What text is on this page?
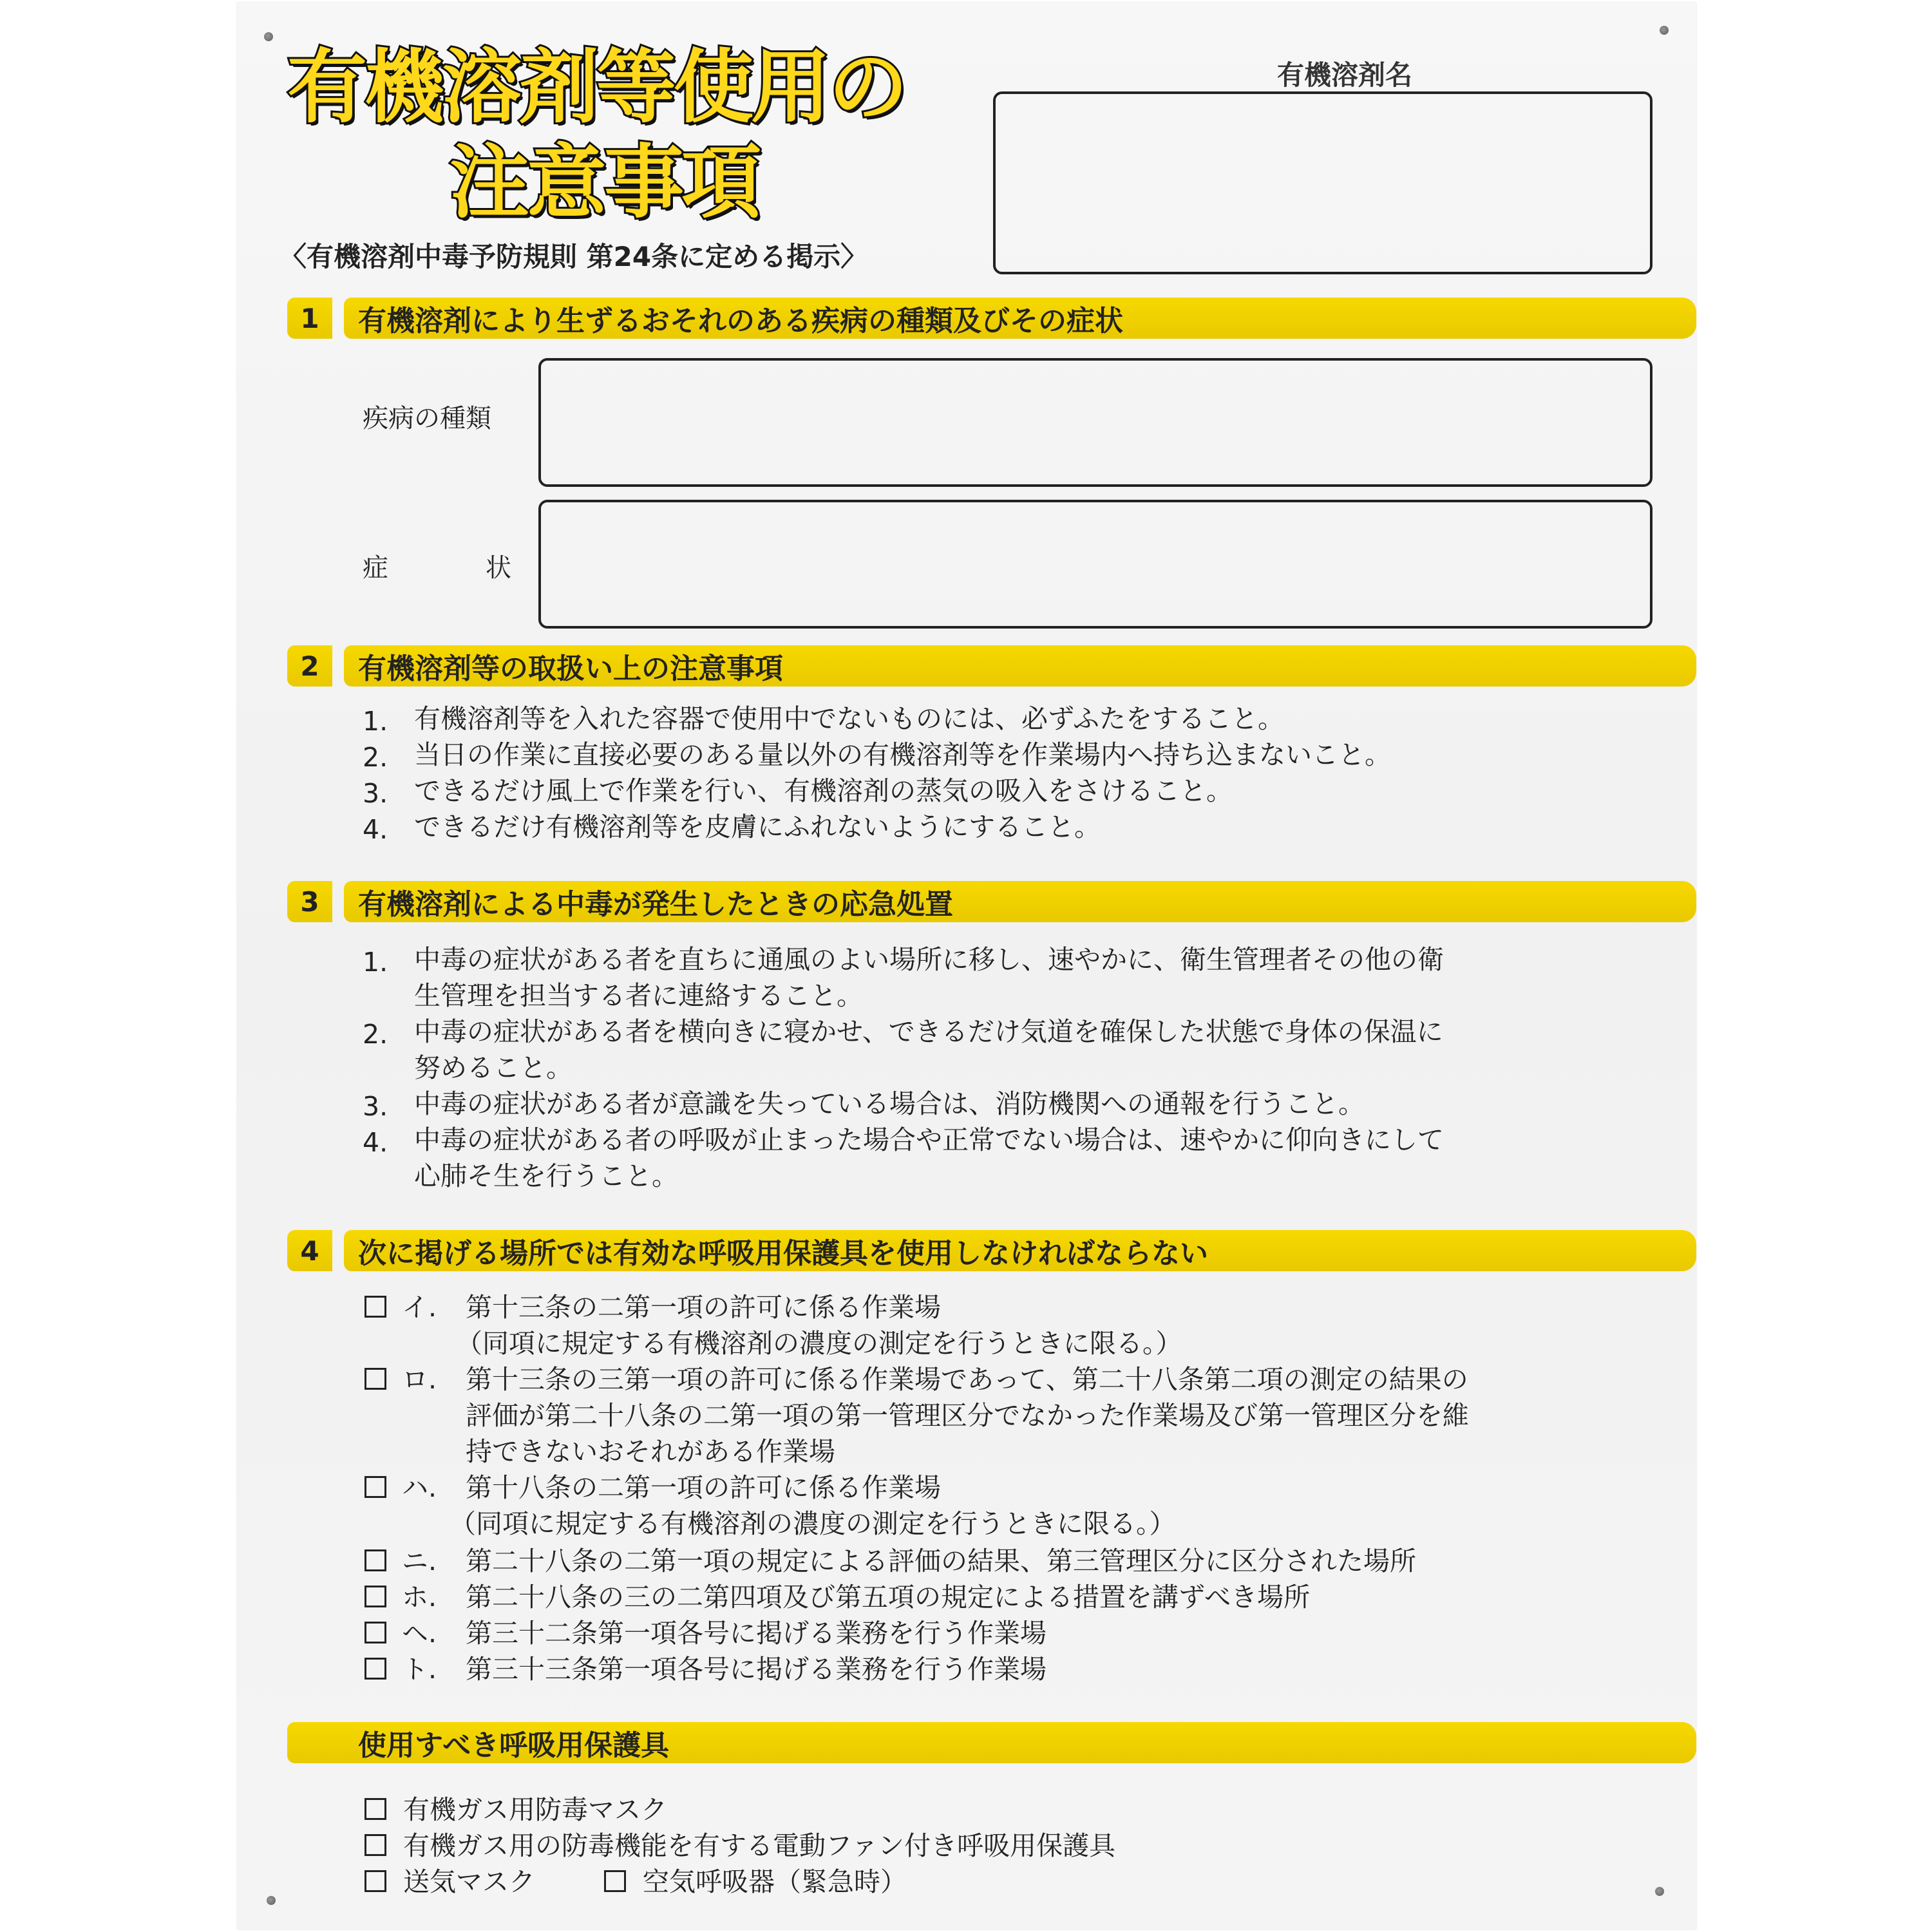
有機溶剤等使用の
注意事項
〈有機溶剤中毒予防規則 第24条に定める掲示〉
有機溶剤名
1	有機溶剤により生ずるおそれのある疾病の種類及びその症状
疾病の種類
症	状
2	有機溶剤等の取扱い上の注意事項
1. 有機溶剤等を入れた容器で使用中でないものには、必ずふたをすること。
2. 当日の作業に直接必要のある量以外の有機溶剤等を作業場内へ持ち込まないこと。
3. できるだけ風上で作業を行い、有機溶剤の蒸気の吸入をさけること。
4. できるだけ有機溶剤等を皮膚にふれないようにすること。
3	有機溶剤による中毒が発生したときの応急処置
1. 中毒の症状がある者を直ちに通風のよい場所に移し、速やかに、衛生管理者その他の衛
生管理を担当する者に連絡すること。
2. 中毒の症状がある者を横向きに寝かせ、できるだけ気道を確保した状態で身体の保温に
努めること。
3. 中毒の症状がある者が意識を失っている場合は、消防機関への通報を行うこと。
4. 中毒の症状がある者の呼吸が止まった場合や正常でない場合は、速やかに仰向きにして
心肺そ生を行うこと。
4	次に掲げる場所では有効な呼吸用保護具を使用しなければならない
イ. 第十三条の二第一項の許可に係る作業場
（同項に規定する有機溶剤の濃度の測定を行うときに限る。）
ロ. 第十三条の三第一項の許可に係る作業場であって、第二十八条第二項の測定の結果の
評価が第二十八条の二第一項の第一管理区分でなかった作業場及び第一管理区分を維
持できないおそれがある作業場
ハ. 第十八条の二第一項の許可に係る作業場
（同項に規定する有機溶剤の濃度の測定を行うときに限る。）
ニ. 第二十八条の二第一項の規定による評価の結果、第三管理区分に区分された場所
ホ. 第二十八条の三の二第四項及び第五項の規定による措置を講ずべき場所
ヘ. 第三十二条第一項各号に掲げる業務を行う作業場
ト. 第三十三条第一項各号に掲げる業務を行う作業場
使用すべき呼吸用保護具
有機ガス用防毒マスク
有機ガス用の防毒機能を有する電動ファン付き呼吸用保護具
送気マスク	空気呼吸器（緊急時）
